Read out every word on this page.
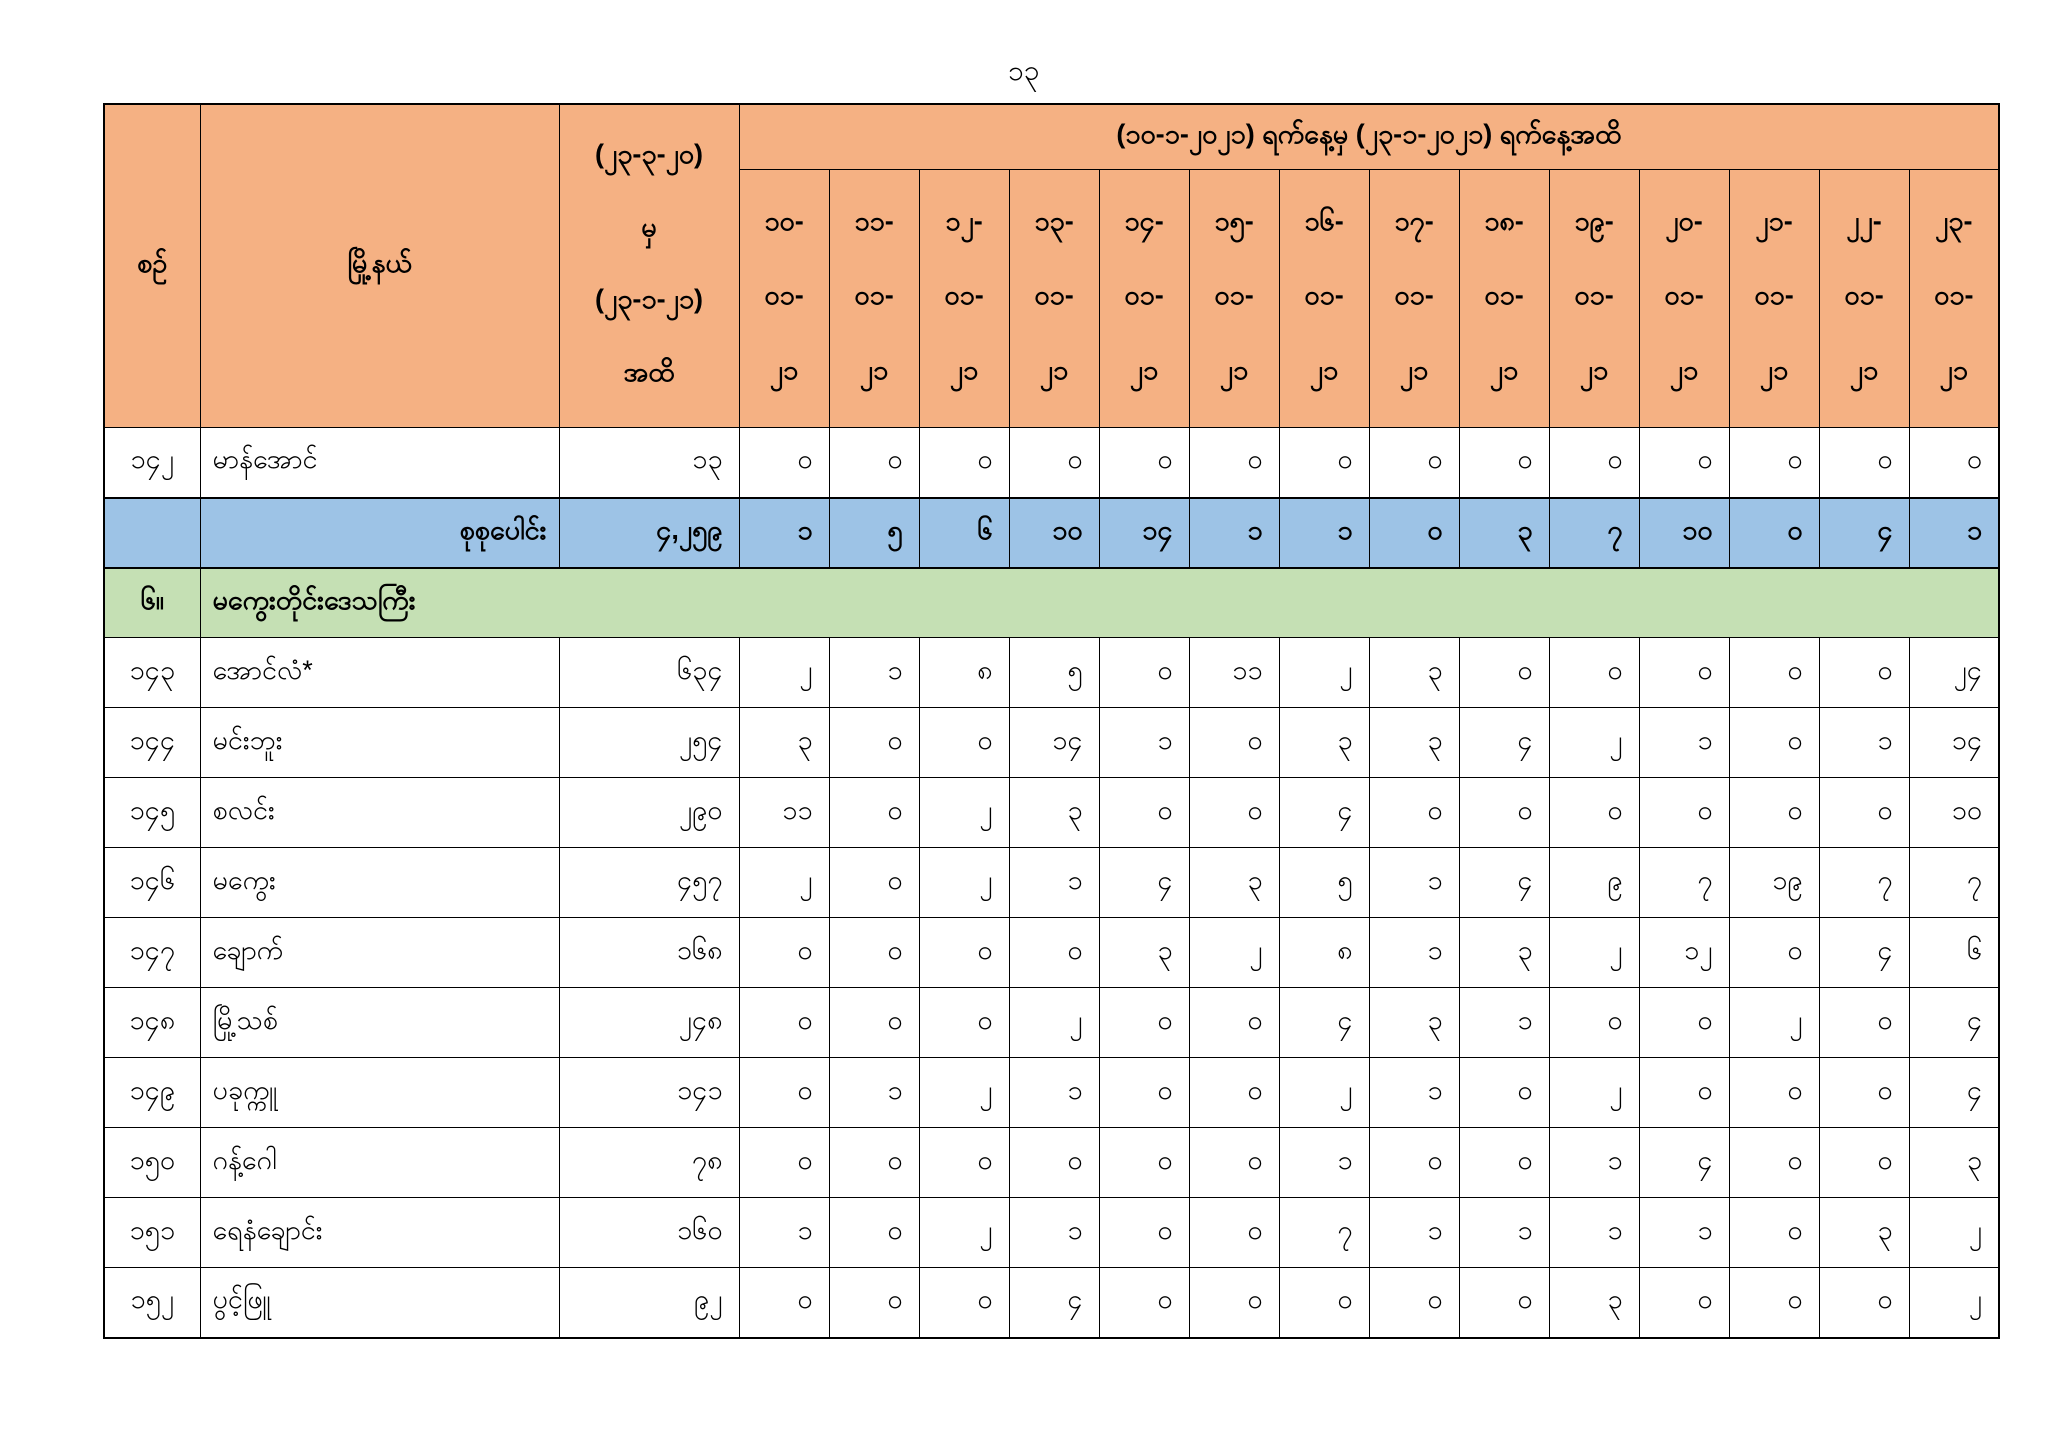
၁၃
စဉ်	မြို့နယ်	(၂၃-၃-၂၀)
မှ
(၂၃-၁-၂၁)
အထိ	(၁၀-၁-၂၀၂၁) ရက်နေ့မှ (၂၃-၁-၂၀၂၁) ရက်နေ့အထိ													

၁၀-
၀၁-
၂၁

၁၁-
၀၁-
၂၁

၁၂-
၀၁-
၂၁

၁၃-
၀၁-
၂၁

၁၄-
၀၁-
၂၁

၁၅-
၀၁-
၂၁

၁၆-
၀၁-
၂၁

၁၇-
၀၁-
၂၁

၁၈-
၀၁-
၂၁

၁၉-
၀၁-
၂၁

၂၀-
၀၁-
၂၁

၂၁-
၀၁-
၂၁

၂၂-
၀၁-
၂၁

၂၃-
၀၁-
၂၁

၁၄၂	မာန်အောင်	၁၃	၀	၀	၀	၀	၀	၀	၀	၀	၀	၀	၀	၀	၀	၀
	စုစုပေါင်း	၄,၂၅၉	၁	၅	၆	၁၀	၁၄	၁	၁	၀	၃	၇	၁၀	၀	၄	၁
၆။	မကွေးတိုင်းဒေသကြီး															
၁၄၃	အောင်လံ*	၆၃၄	၂	၁	၈	၅	၀	၁၁	၂	၃	၀	၀	၀	၀	၀	၂၄
၁၄၄	မင်းဘူး	၂၅၄	၃	၀	၀	၁၄	၁	၀	၃	၃	၄	၂	၁	၀	၁	၁၄
၁၄၅	စလင်း	၂၉၀	၁၁	၀	၂	၃	၀	၀	၄	၀	၀	၀	၀	၀	၀	၁၀
၁၄၆	မကွေး	၄၅၇	၂	၀	၂	၁	၄	၃	၅	၁	၄	၉	၇	၁၉	၇	၇
၁၄၇	ချောက်	၁၆၈	၀	၀	၀	၀	၃	၂	၈	၁	၃	၂	၁၂	၀	၄	၆
၁၄၈	မြို့သစ်	၂၄၈	၀	၀	၀	၂	၀	၀	၄	၃	၁	၀	၀	၂	၀	၄
၁၄၉	ပခုက္ကူ	၁၄၁	၀	၁	၂	၁	၀	၀	၂	၁	၀	၂	၀	၀	၀	၄
၁၅၀	ဂန့်ဂေါ	၇၈	၀	၀	၀	၀	၀	၀	၁	၀	၀	၁	၄	၀	၀	၃
၁၅၁	ရေနံချောင်း	၁၆၀	၁	၀	၂	၁	၀	၀	၇	၁	၁	၁	၁	၀	၃	၂
၁၅၂	ပွင့်ဖြူ	၉၂	၀	၀	၀	၄	၀	၀	၀	၀	၀	၃	၀	၀	၀	၂
